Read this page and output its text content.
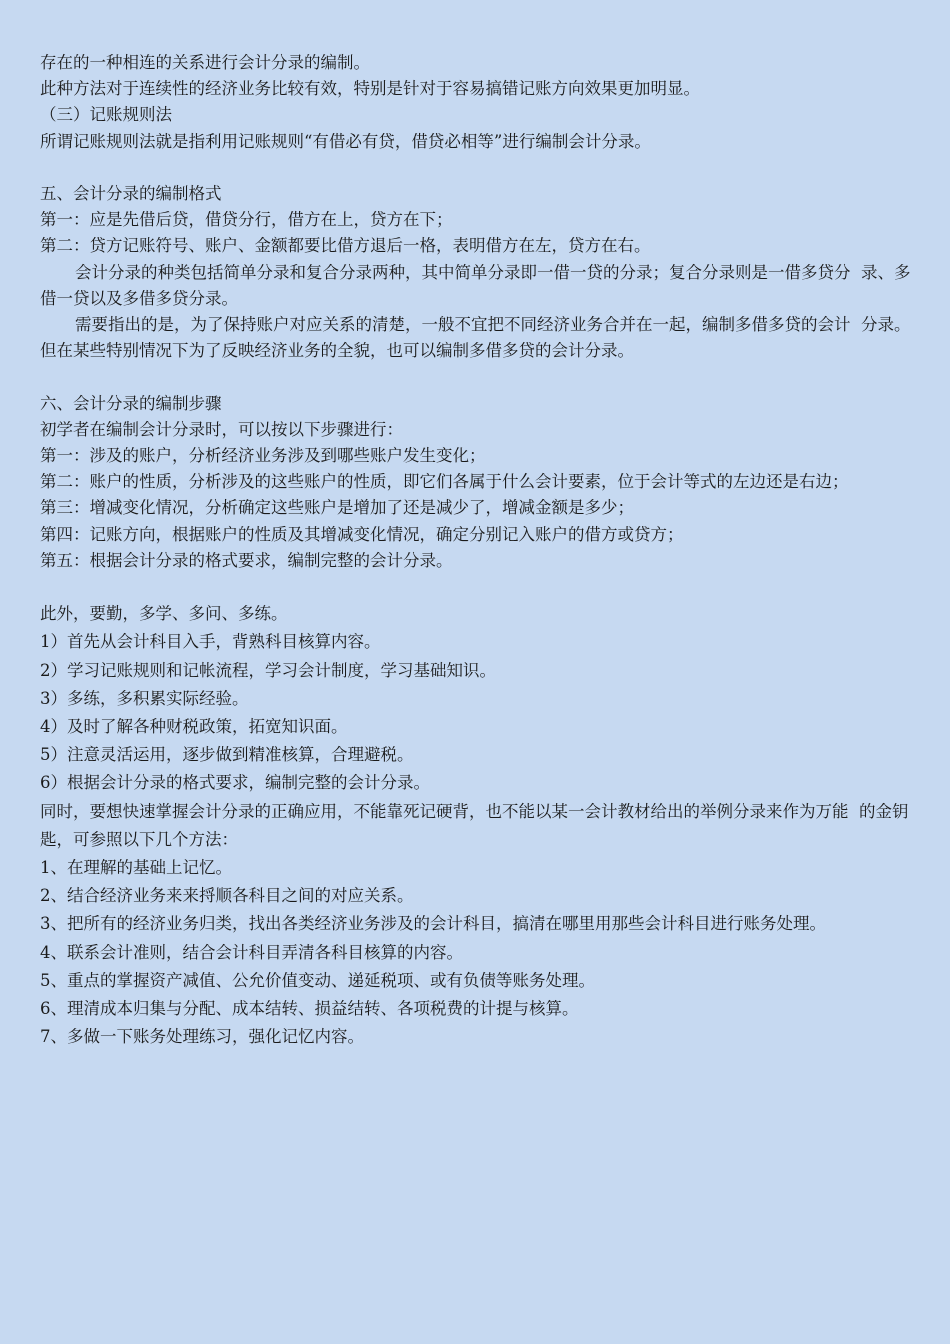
存在的一种相连的关系进行会计分录的编制。
此种方法对于连续性的经济业务比较有效，特别是针对于容易搞错记账方向效果更加明显。
（三）记账规则法
所谓记账规则法就是指利用记账规则“有借必有贷，借贷必相等”进行编制会计分录。
五、会计分录的编制格式
第一：应是先借后贷，借贷分行，借方在上，贷方在下；
第二：贷方记账符号、账户、金额都要比借方退后一格，表明借方在左，贷方在右。
会计分录的种类包括简单分录和复合分录两种，其中简单分录即一借一贷的分录；复合分录则是一借多贷分  录、多借一贷以及多借多贷分录。
需要指出的是，为了保持账户对应关系的清楚，一般不宜把不同经济业务合并在一起，编制多借多贷的会计  分录。但在某些特别情况下为了反映经济业务的全貌，也可以编制多借多贷的会计分录。
六、会计分录的编制步骤
初学者在编制会计分录时，可以按以下步骤进行：
第一：涉及的账户，分析经济业务涉及到哪些账户发生变化；
第二：账户的性质，分析涉及的这些账户的性质，即它们各属于什么会计要素，位于会计等式的左边还是右边；
第三：增减变化情况，分析确定这些账户是增加了还是减少了，增减金额是多少；
第四：记账方向，根据账户的性质及其增减变化情况，确定分别记入账户的借方或贷方；
第五：根据会计分录的格式要求，编制完整的会计分录。
此外，要勤，多学、多问、多练。
1）首先从会计科目入手，背熟科目核算内容。
2）学习记账规则和记帐流程，学习会计制度，学习基础知识。
3）多练，多积累实际经验。
4）及时了解各种财税政策，拓宽知识面。
5）注意灵活运用，逐步做到精准核算，合理避税。
6）根据会计分录的格式要求，编制完整的会计分录。
同时，要想快速掌握会计分录的正确应用，不能靠死记硬背，也不能以某一会计教材给出的举例分录来作为万能  的金钥匙，可参照以下几个方法：
1、在理解的基础上记忆。
2、结合经济业务来来捋顺各科目之间的对应关系。
3、把所有的经济业务归类，找出各类经济业务涉及的会计科目，搞清在哪里用那些会计科目进行账务处理。
4、联系会计准则，结合会计科目弄清各科目核算的内容。
5、重点的掌握资产减值、公允价值变动、递延税项、或有负债等账务处理。
6、理清成本归集与分配、成本结转、损益结转、各项税费的计提与核算。
7、多做一下账务处理练习，强化记忆内容。
